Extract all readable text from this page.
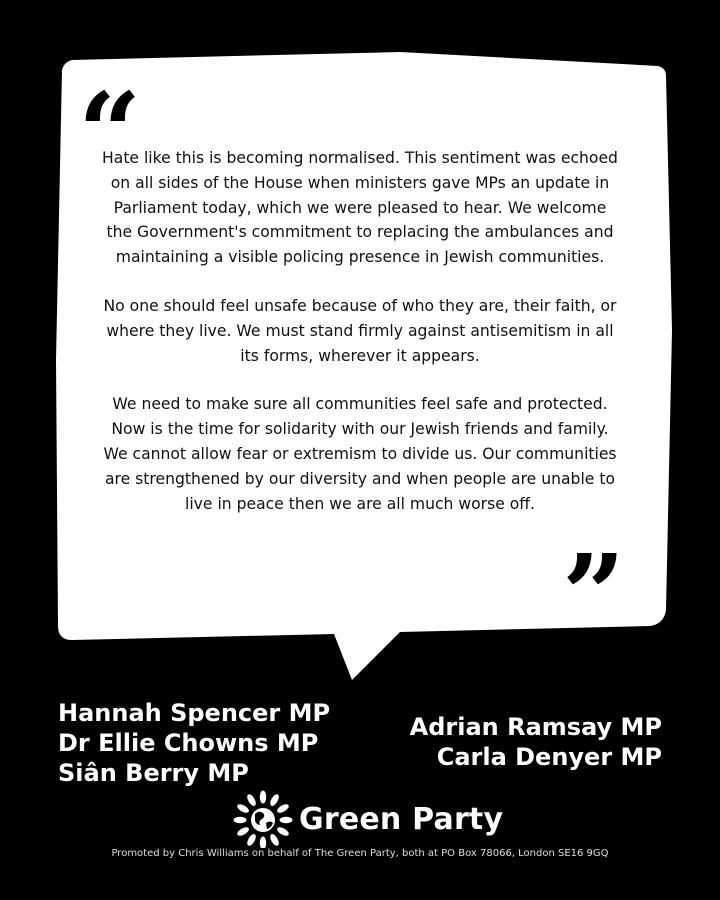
“

Hate like this is becoming normalised. This sentiment was echoed on all sides of the House when ministers gave MPs an update in Parliament today, which we were pleased to hear. We welcome the Government's commitment to replacing the ambulances and maintaining a visible policing presence in Jewish communities.

No one should feel unsafe because of who they are, their faith, or where they live. We must stand firmly against antisemitism in all its forms, wherever it appears.

We need to make sure all communities feel safe and protected. Now is the time for solidarity with our Jewish friends and family. We cannot allow fear or extremism to divide us. Our communities are strengthened by our diversity and when people are unable to live in peace then we are all much worse off.

”
Hannah Spencer MP
Dr Ellie Chowns MP
Siân Berry MP
Adrian Ramsay MP
Carla Denyer MP
Green Party
Promoted by Chris Williams on behalf of The Green Party, both at PO Box 78066, London SE16 9GQ
